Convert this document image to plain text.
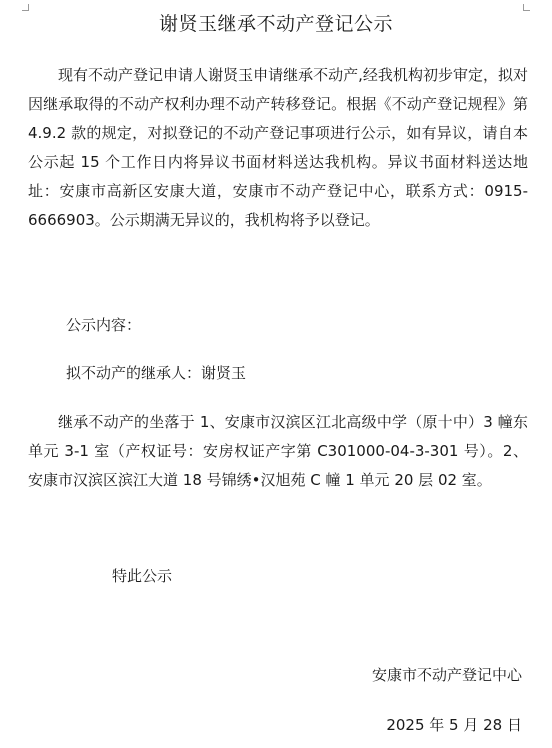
谢贤玉继承不动产登记公示

现有不动产登记申请人谢贤玉申请继承不动产,经我机构初步审定，拟对因继承取得的不动产权利办理不动产转移登记。根据《不动产登记规程》第 4.9.2 款的规定，对拟登记的不动产登记事项进行公示，如有异议，请自本公示起 15 个工作日内将异议书面材料送达我机构。异议书面材料送达地址：安康市高新区安康大道，安康市不动产登记中心，联系方式：0915-6666903。公示期满无异议的，我机构将予以登记。

公示内容：

拟不动产的继承人：谢贤玉

继承不动产的坐落于 1、安康市汉滨区江北高级中学（原十中）3 幢东单元 3-1 室（产权证号：安房权证产字第 C301000-04-3-301 号）。2、安康市汉滨区滨江大道 18 号锦绣•汉旭苑 C 幢 1 单元 20 层 02 室。

特此公示

安康市不动产登记中心
2025 年 5 月 28 日
